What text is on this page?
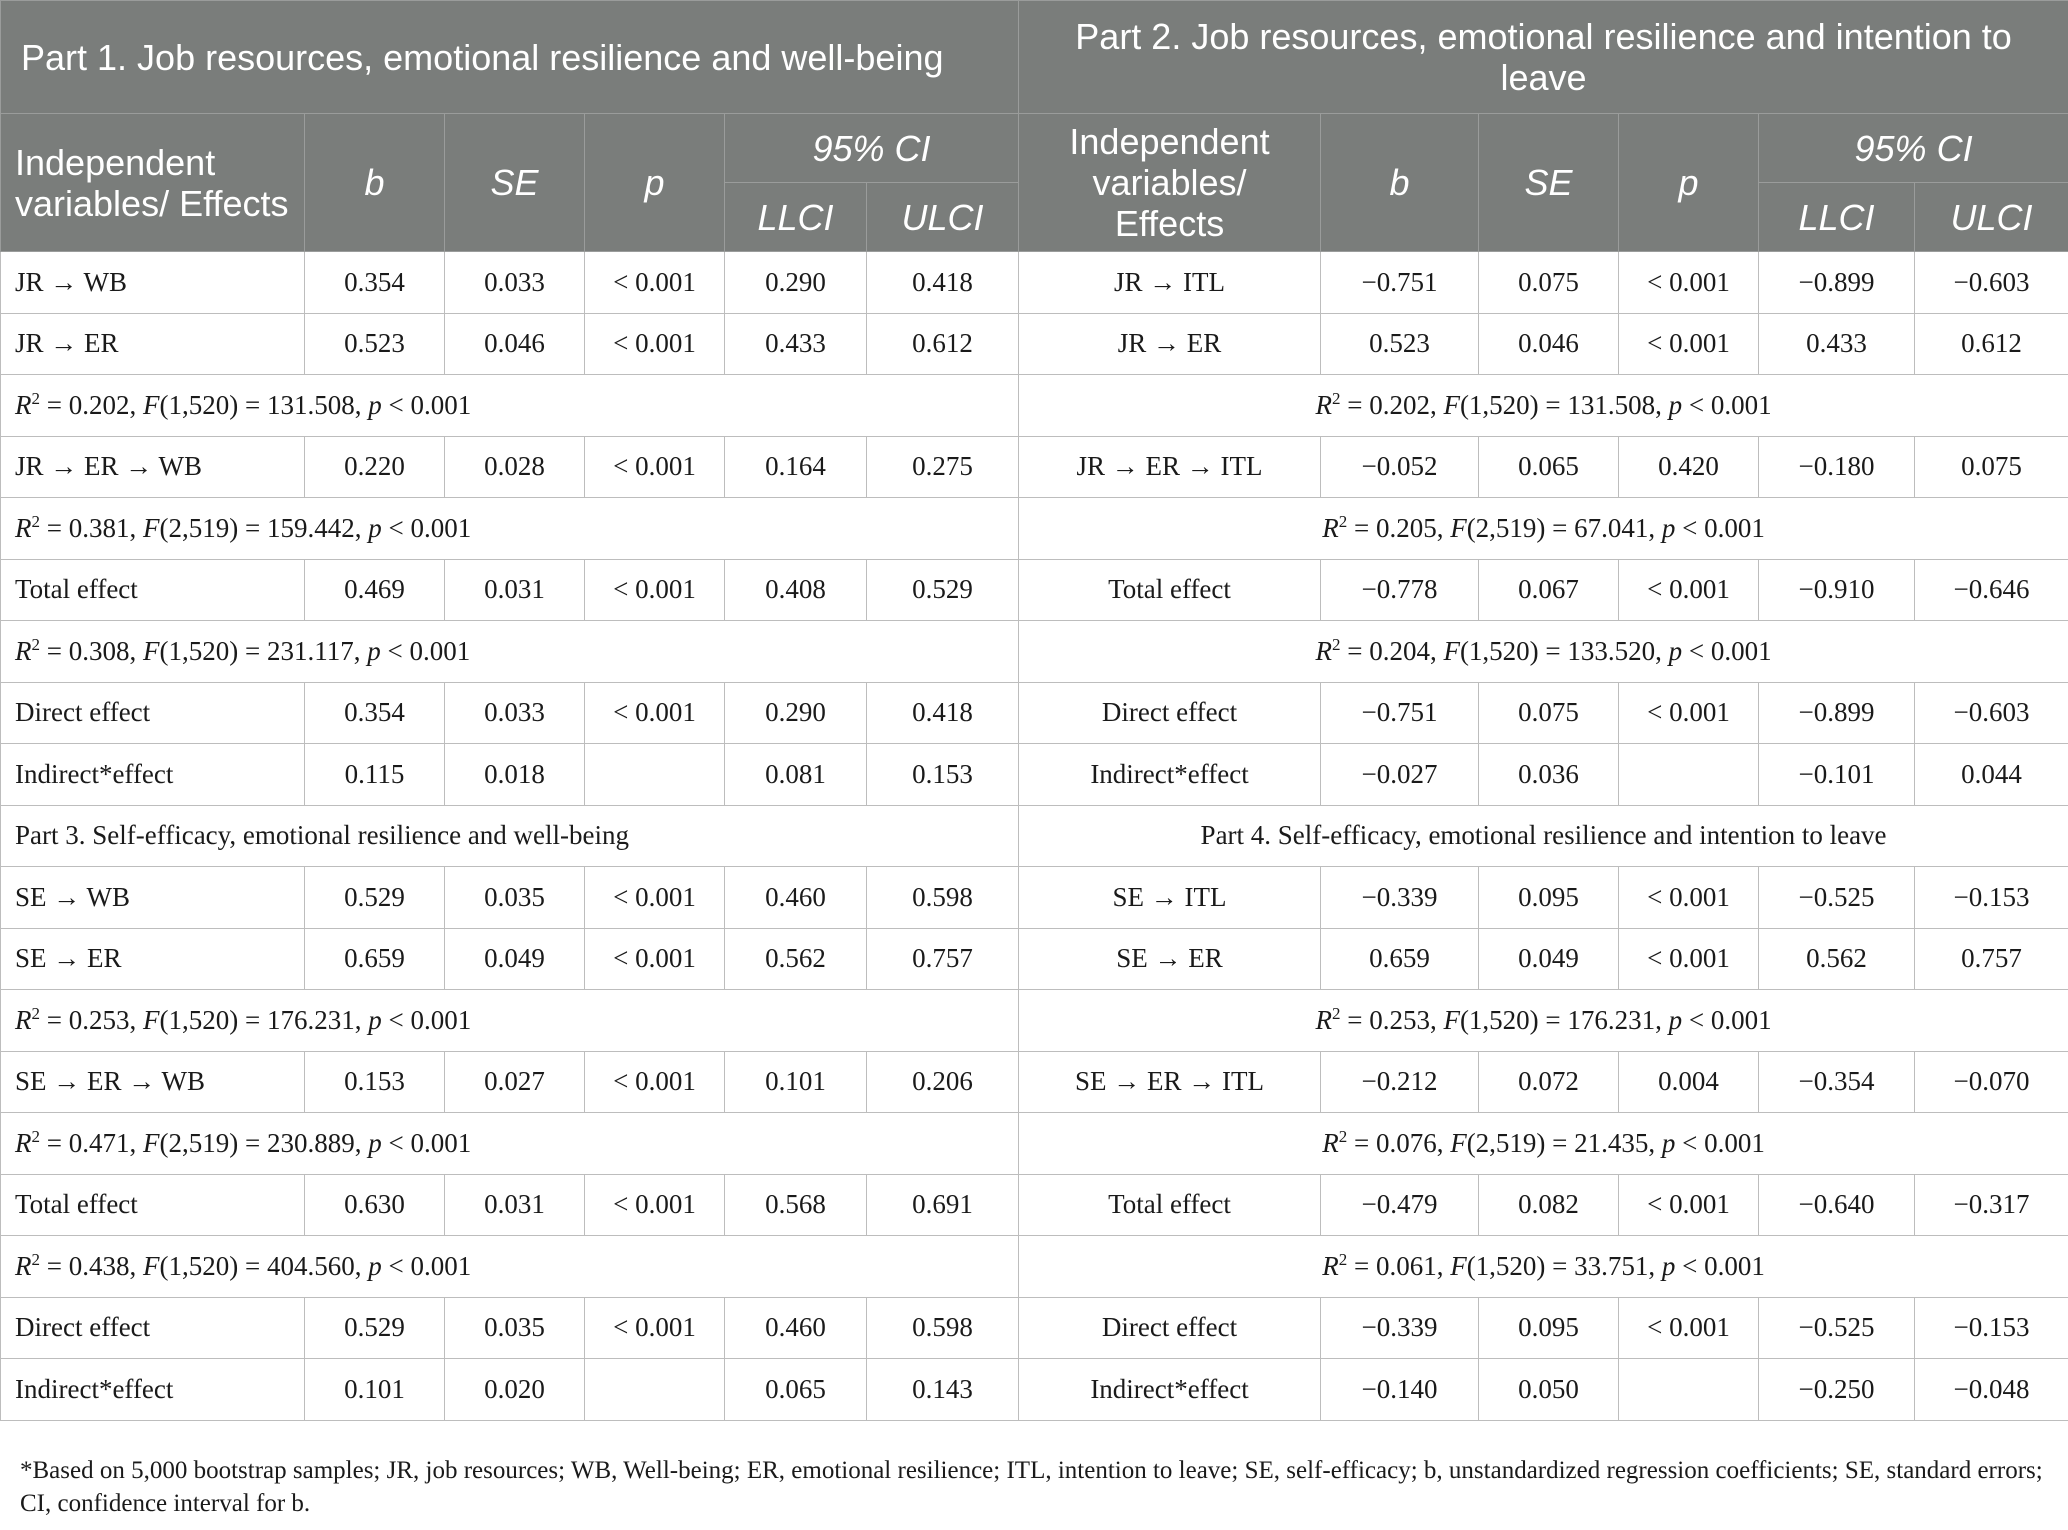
Part 1. Job resources, emotional resilience and well-being						Part 2. Job resources, emotional resilience and intention to leave					
Independent variables/ Effects	b	SE	p	95% CI		Independent variables/ Effects	b	SE	p	95% CI	
				LLCI	ULCI					LLCI	ULCI
JR → WB	0.354	0.033	< 0.001	0.290	0.418	JR → ITL	−0.751	0.075	< 0.001	−0.899	−0.603
JR → ER	0.523	0.046	< 0.001	0.433	0.612	JR → ER	0.523	0.046	< 0.001	0.433	0.612
$R^2 = 0.202$, F(1,520) = 131.508, p < 0.001						$R^2 = 0.202$, F(1,520) = 131.508, p < 0.001					
JR → ER → WB	0.220	0.028	< 0.001	0.164	0.275	JR → ER → ITL	−0.052	0.065	0.420	−0.180	0.075
$R^2 = 0.381$, F(2,519) = 159.442, p < 0.001						$R^2 = 0.205$, F(2,519) = 67.041, p < 0.001					
Total effect	0.469	0.031	< 0.001	0.408	0.529	Total effect	−0.778	0.067	< 0.001	−0.910	−0.646
$R^2 = 0.308$, F(1,520) = 231.117, p < 0.001						$R^2 = 0.204$, F(1,520) = 133.520, p < 0.001					
Direct effect	0.354	0.033	< 0.001	0.290	0.418	Direct effect	−0.751	0.075	< 0.001	−0.899	−0.603
Indirect*effect	0.115	0.018		0.081	0.153	Indirect*effect	−0.027	0.036		−0.101	0.044
Part 3. Self-efficacy, emotional resilience and well-being						Part 4. Self-efficacy, emotional resilience and intention to leave					
SE → WB	0.529	0.035	< 0.001	0.460	0.598	SE → ITL	−0.339	0.095	< 0.001	−0.525	−0.153
SE → ER	0.659	0.049	< 0.001	0.562	0.757	SE → ER	0.659	0.049	< 0.001	0.562	0.757
$R^2 = 0.253$, F(1,520) = 176.231, p < 0.001						$R^2 = 0.253$, F(1,520) = 176.231, p < 0.001					
SE → ER → WB	0.153	0.027	< 0.001	0.101	0.206	SE → ER → ITL	−0.212	0.072	0.004	−0.354	−0.070
$R^2 = 0.471$, F(2,519) = 230.889, p < 0.001						$R^2 = 0.076$, F(2,519) = 21.435, p < 0.001					
Total effect	0.630	0.031	< 0.001	0.568	0.691	Total effect	−0.479	0.082	< 0.001	−0.640	−0.317
$R^2 = 0.438$, F(1,520) = 404.560, p < 0.001						$R^2 = 0.061$, F(1,520) = 33.751, p < 0.001					
Direct effect	0.529	0.035	< 0.001	0.460	0.598	Direct effect	−0.339	0.095	< 0.001	−0.525	−0.153
Indirect*effect	0.101	0.020		0.065	0.143	Indirect*effect	−0.140	0.050		−0.250	−0.048
*Based on 5,000 bootstrap samples; JR, job resources; WB, Well-being; ER, emotional resilience; ITL, intention to leave; SE, self-efficacy; b, unstandardized regression coefficients; SE, standard errors; CI, confidence interval for b.
